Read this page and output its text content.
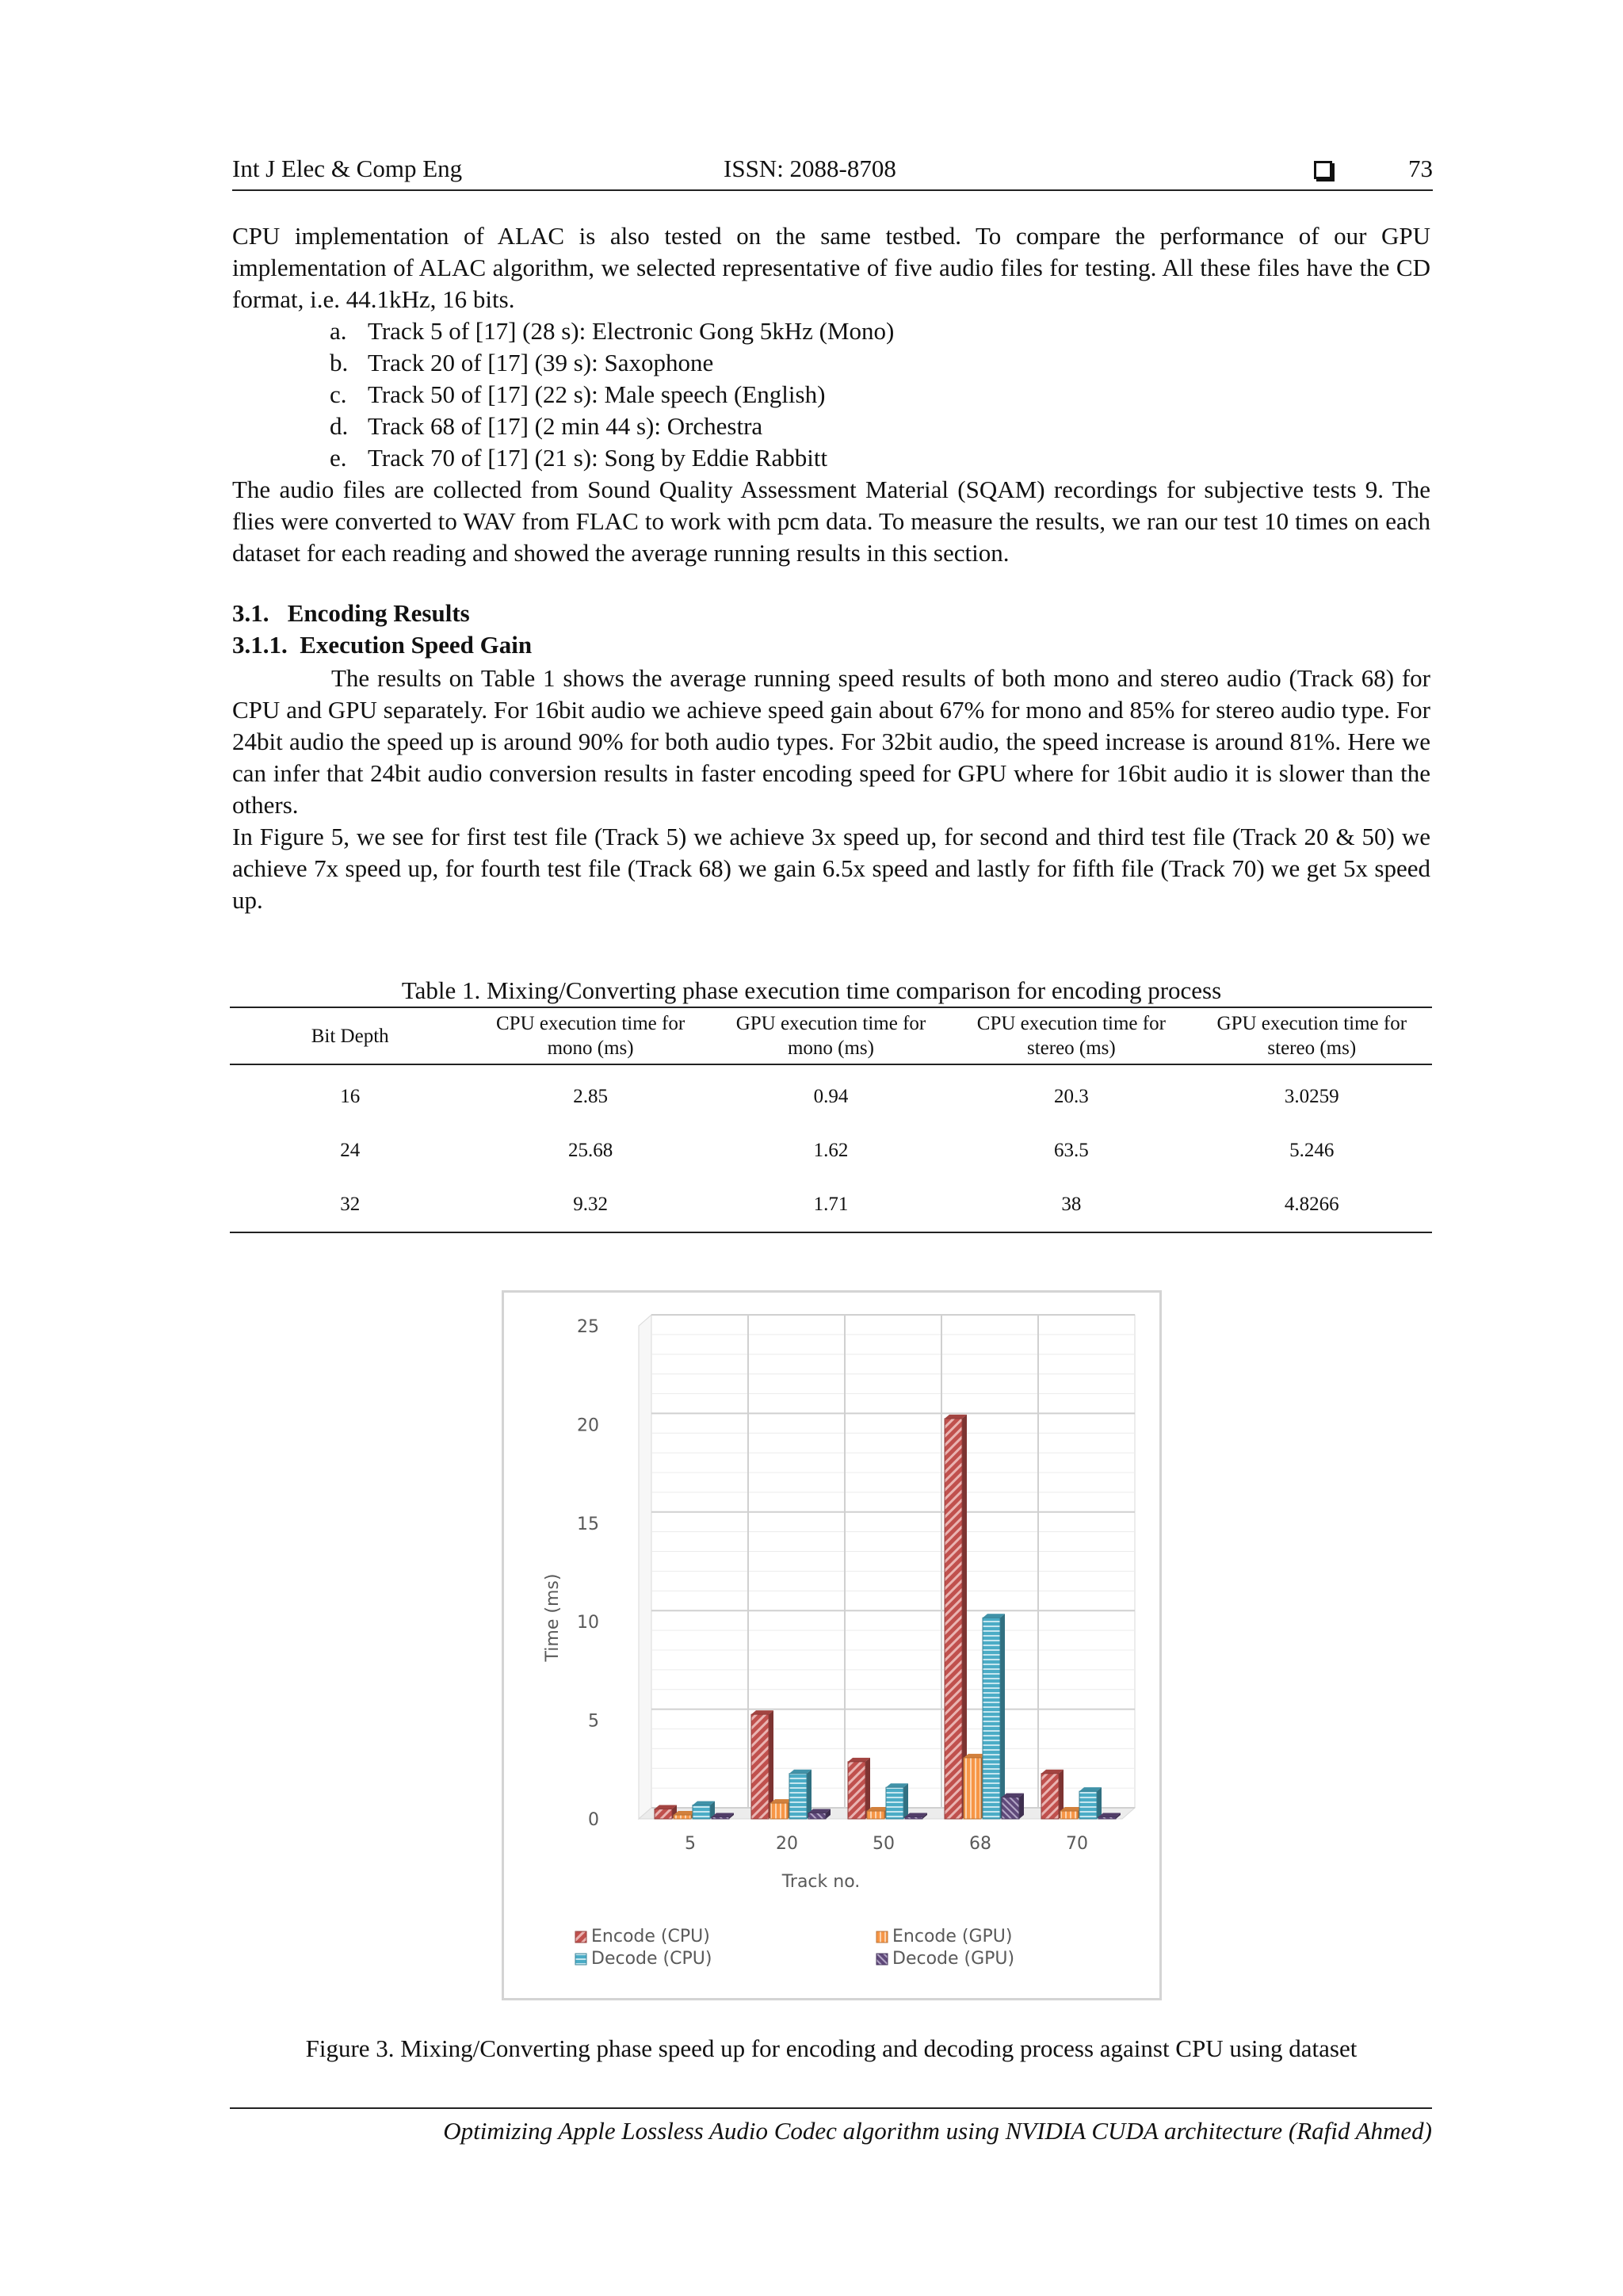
Int J Elec & Comp Eng	ISSN: 2088-8708	73

CPU implementation of ALAC is also tested on the same testbed. To compare the performance of our GPU implementation of ALAC algorithm, we selected representative of five audio files for testing. All these files have the CD format, i.e. 44.1kHz, 16 bits.

a. Track 5 of [17] (28 s): Electronic Gong 5kHz (Mono)
b. Track 20 of [17] (39 s): Saxophone
c. Track 50 of [17] (22 s): Male speech (English)
d. Track 68 of [17] (2 min 44 s): Orchestra
e. Track 70 of [17] (21 s): Song by Eddie Rabbitt

The audio files are collected from Sound Quality Assessment Material (SQAM) recordings for subjective tests 9. The flies were converted to WAV from FLAC to work with pcm data. To measure the results, we ran our test 10 times on each dataset for each reading and showed the average running results in this section.

3.1.   Encoding Results
3.1.1.  Execution Speed Gain

The results on Table 1 shows the average running speed results of both mono and stereo audio (Track 68) for CPU and GPU separately. For 16bit audio we achieve speed gain about 67% for mono and 85% for stereo audio type. For 24bit audio the speed up is around 90% for both audio types. For 32bit audio, the speed increase is around 81%. Here we can infer that 24bit audio conversion results in faster encoding speed for GPU where for 16bit audio it is slower than the others.

In Figure 5, we see for first test file (Track 5) we achieve 3x speed up, for second and third test file (Track 20 & 50) we achieve 7x speed up, for fourth test file (Track 68) we gain 6.5x speed and lastly for fifth file (Track 70) we get 5x speed up.

Table 1. Mixing/Converting phase execution time comparison for encoding process
Bit Depth	CPU execution time for mono (ms)	GPU execution time for mono (ms)	CPU execution time for stereo (ms)	GPU execution time for stereo (ms)
16	2.85	0.94	20.3	3.0259
24	25.68	1.62	63.5	5.246
32	9.32	1.71	38	4.8266
0
5
10
15
20
25
5	20	50	68	70
Time (ms)
Track no.
Encode (CPU)	Encode (GPU)
Decode (CPU)	Decode (GPU)
Figure 3. Mixing/Converting phase speed up for encoding and decoding process against CPU using dataset
Optimizing Apple Lossless Audio Codec algorithm using NVIDIA CUDA architecture (Rafid Ahmed)
